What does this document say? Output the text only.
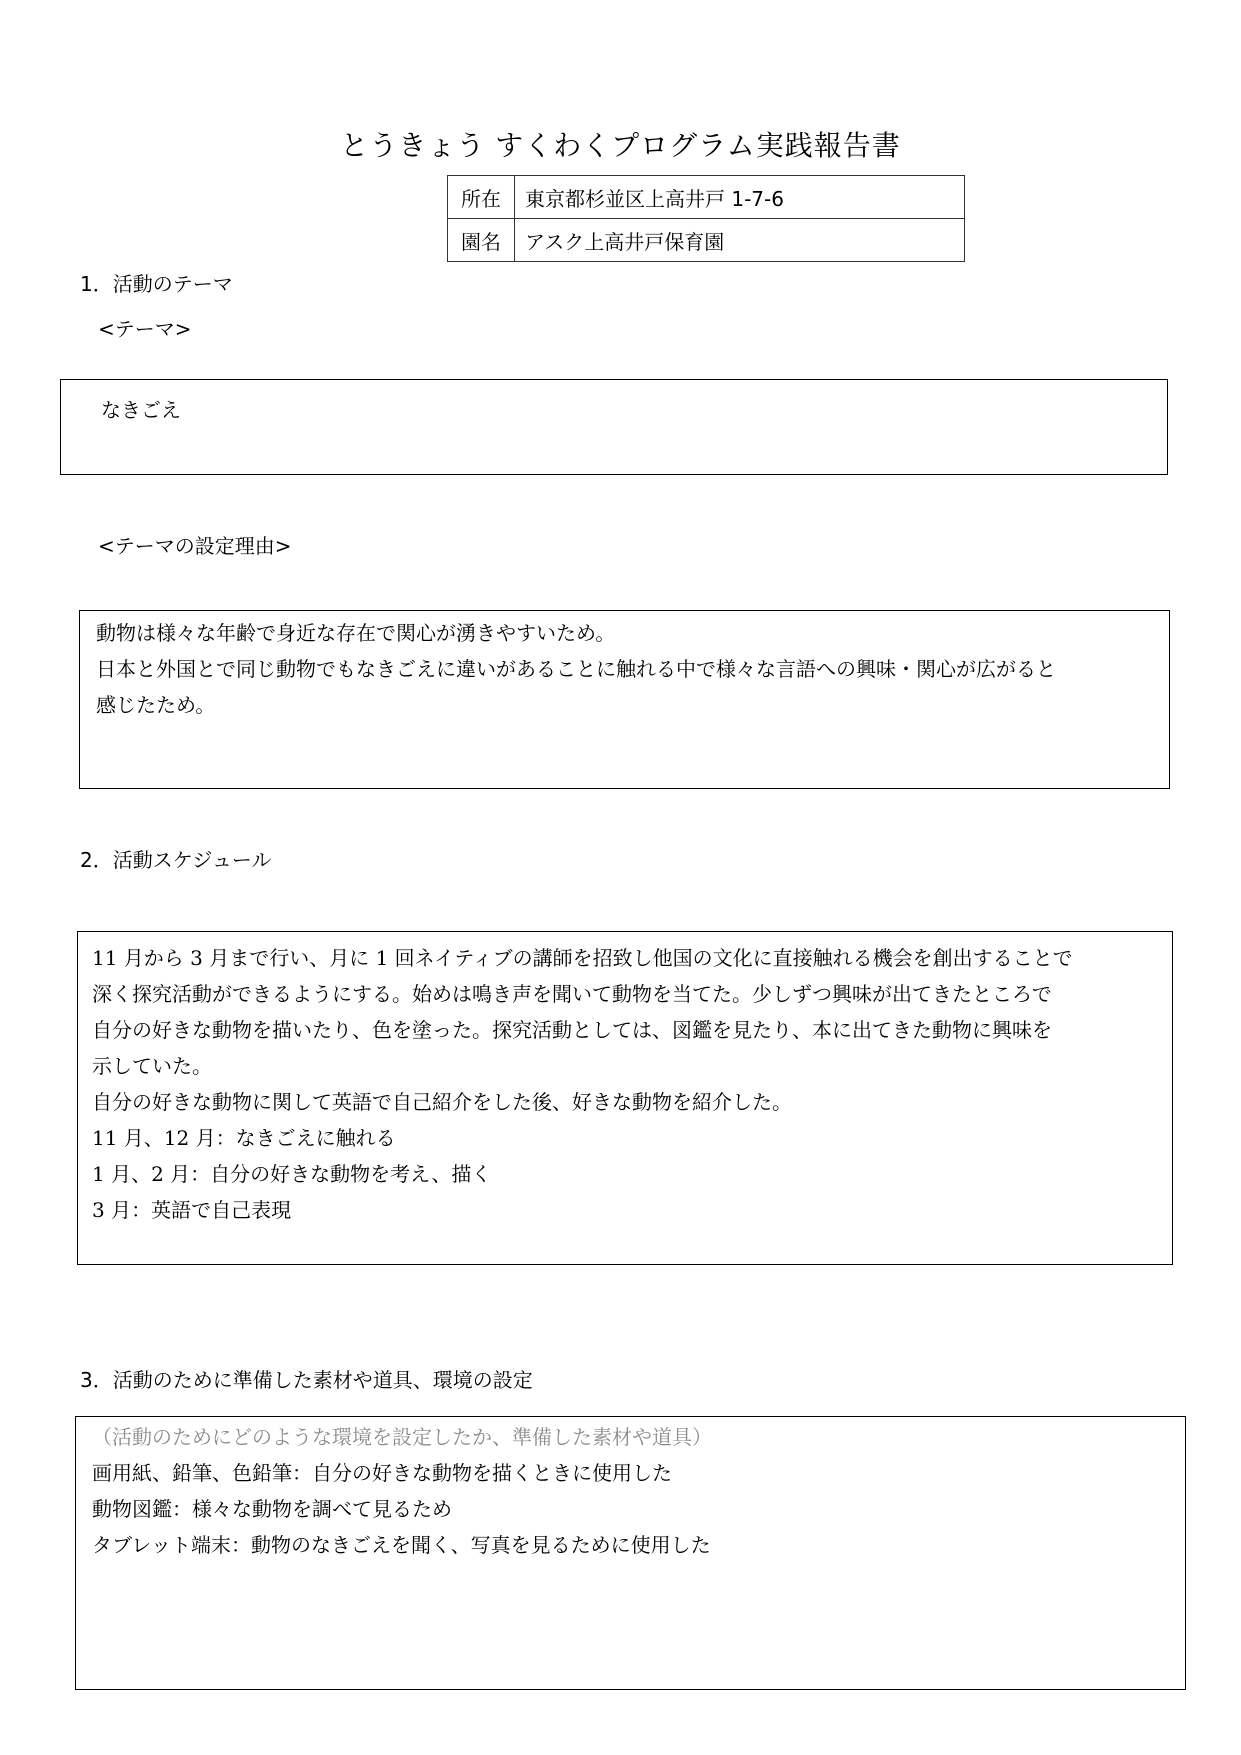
とうきょう すくわくプログラム実践報告書
所在	東京都杉並区上高井戸 1-7-6
園名	アスク上高井戸保育園
1．活動のテーマ
<テーマ>
なきごえ
<テーマの設定理由>
動物は様々な年齢で身近な存在で関心が湧きやすいため。
日本と外国とで同じ動物でもなきごえに違いがあることに触れる中で様々な言語への興味・関心が広がると
感じたため。
2．活動スケジュール
11 月から 3 月まで行い、月に 1 回ネイティブの講師を招致し他国の文化に直接触れる機会を創出することで
深く探究活動ができるようにする。始めは鳴き声を聞いて動物を当てた。少しずつ興味が出てきたところで
自分の好きな動物を描いたり、色を塗った。探究活動としては、図鑑を見たり、本に出てきた動物に興味を
示していた。
自分の好きな動物に関して英語で自己紹介をした後、好きな動物を紹介した。
11 月、12 月：なきごえに触れる
1 月、2 月：自分の好きな動物を考え、描く
3 月：英語で自己表現
3．活動のために準備した素材や道具、環境の設定
（活動のためにどのような環境を設定したか、準備した素材や道具）
画用紙、鉛筆、色鉛筆：自分の好きな動物を描くときに使用した
動物図鑑：様々な動物を調べて見るため
タブレット端末：動物のなきごえを聞く、写真を見るために使用した
